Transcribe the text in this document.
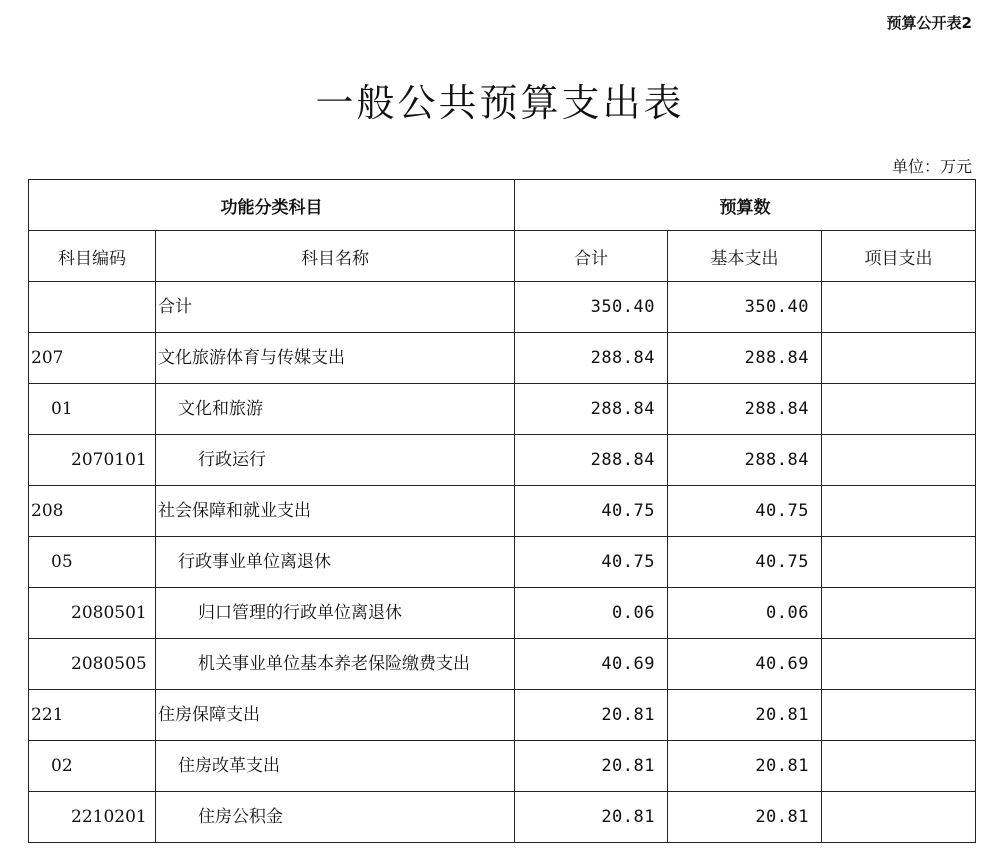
预算公开表2
一般公共预算支出表
单位：万元
功能分类科目		预算数		
科目编码	科目名称	合计	基本支出	项目支出
	合计	350.40	350.40	
207	文化旅游体育与传媒支出	288.84	288.84	
01	文化和旅游	288.84	288.84	
2070101	行政运行	288.84	288.84	
208	社会保障和就业支出	40.75	40.75	
05	行政事业单位离退休	40.75	40.75	
2080501	归口管理的行政单位离退休	0.06	0.06	
2080505	机关事业单位基本养老保险缴费支出	40.69	40.69	
221	住房保障支出	20.81	20.81	
02	住房改革支出	20.81	20.81	
2210201	住房公积金	20.81	20.81	
